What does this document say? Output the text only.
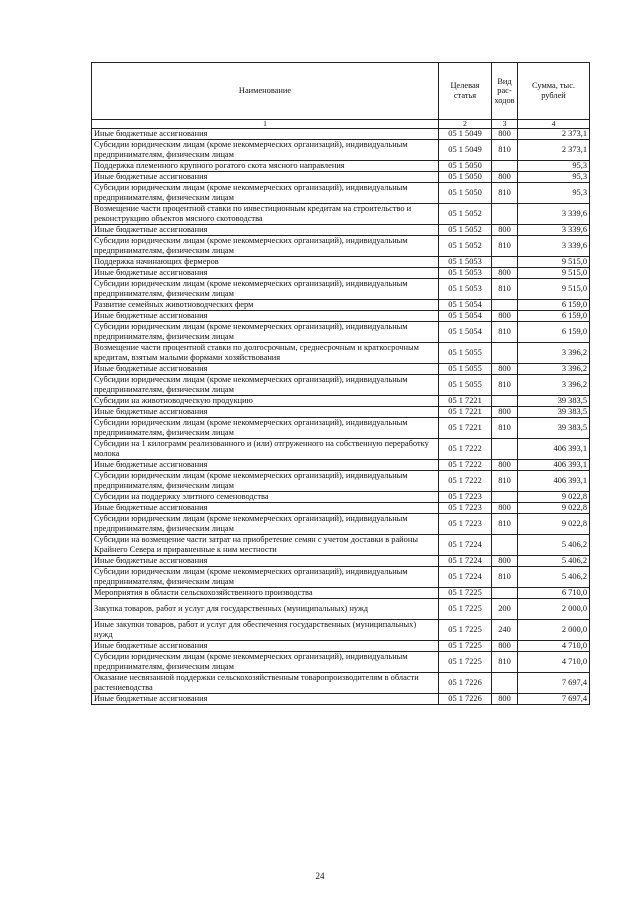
Наименование	Целевая статья	Вид рас-ходов	Сумма, тыс. рублей
1	2	3	4
Иные бюджетные ассигнования	05 1 5049	800	2 373,1
Субсидии юридическим лицам (кроме некоммерческих организаций), индивидуальным предпринимателям, физическим лицам	05 1 5049	810	2 373,1
Поддержка племенного крупного рогатого скота мясного направления	05 1 5050		95,3
Иные бюджетные ассигнования	05 1 5050	800	95,3
Субсидии юридическим лицам (кроме некоммерческих организаций), индивидуальным предпринимателям, физическим лицам	05 1 5050	810	95,3
Возмещение части процентной ставки по инвестиционным кредитам на строительство и реконструкцию объектов мясного скотоводства	05 1 5052		3 339,6
Иные бюджетные ассигнования	05 1 5052	800	3 339,6
Субсидии юридическим лицам (кроме некоммерческих организаций), индивидуальным предпринимателям, физическим лицам	05 1 5052	810	3 339,6
Поддержка начинающих фермеров	05 1 5053		9 515,0
Иные бюджетные ассигнования	05 1 5053	800	9 515,0
Субсидии юридическим лицам (кроме некоммерческих организаций), индивидуальным предпринимателям, физическим лицам	05 1 5053	810	9 515,0
Развитие семейных животноводческих ферм	05 1 5054		6 159,0
Иные бюджетные ассигнования	05 1 5054	800	6 159,0
Субсидии юридическим лицам (кроме некоммерческих организаций), индивидуальным предпринимателям, физическим лицам	05 1 5054	810	6 159,0
Возмещение части процентной ставки по долгосрочным, среднесрочным и краткосрочным кредитам, взятым малыми формами хозяйствования	05 1 5055		3 396,2
Иные бюджетные ассигнования	05 1 5055	800	3 396,2
Субсидии юридическим лицам (кроме некоммерческих организаций), индивидуальным предпринимателям, физическим лицам	05 1 5055	810	3 396,2
Субсидии на животноводческую продукцию	05 1 7221		39 383,5
Иные бюджетные ассигнования	05 1 7221	800	39 383,5
Субсидии юридическим лицам (кроме некоммерческих организаций), индивидуальным предпринимателям, физическим лицам	05 1 7221	810	39 383,5
Субсидии на 1 килограмм реализованного и (или) отгруженного на собственную переработку молока	05 1 7222		406 393,1
Иные бюджетные ассигнования	05 1 7222	800	406 393,1
Субсидии юридическим лицам (кроме некоммерческих организаций), индивидуальным предпринимателям, физическим лицам	05 1 7222	810	406 393,1
Субсидии на поддержку элитного семеноводства	05 1 7223		9 022,8
Иные бюджетные ассигнования	05 1 7223	800	9 022,8
Субсидии юридическим лицам (кроме некоммерческих организаций), индивидуальным предпринимателям, физическим лицам	05 1 7223	810	9 022,8
Субсидии на возмещение части затрат на приобретение семян с учетом доставки в районы Крайнего Севера и приравненные к ним местности	05 1 7224		5 406,2
Иные бюджетные ассигнования	05 1 7224	800	5 406,2
Субсидии юридическим лицам (кроме некоммерческих организаций), индивидуальным предпринимателям, физическим лицам	05 1 7224	810	5 406,2
Мероприятия в области сельскохозяйственного производства	05 1 7225		6 710,0
Закупка товаров, работ и услуг для государственных (муниципальных) нужд	05 1 7225	200	2 000,0
Иные закупки товаров, работ и услуг для обеспечения государственных (муниципальных) нужд	05 1 7225	240	2 000,0
Иные бюджетные ассигнования	05 1 7225	800	4 710,0
Субсидии юридическим лицам (кроме некоммерческих организаций), индивидуальным предпринимателям, физическим лицам	05 1 7225	810	4 710,0
Оказание несвязанной поддержки сельскохозяйственным товаропроизводителям в области растениеводства	05 1 7226		7 697,4
Иные бюджетные ассигнования	05 1 7226	800	7 697,4
24
